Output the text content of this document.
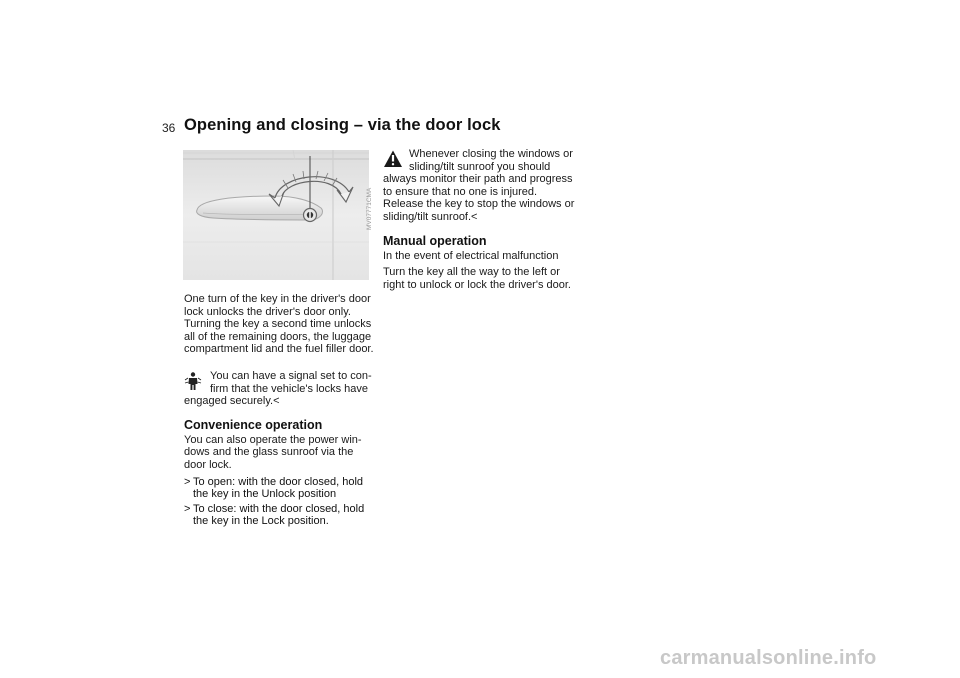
36 Opening and closing – via the door lock
MV07771CMA

One turn of the key in the driver's door lock unlocks the driver's door only. Turning the key a second time unlocks all of the remaining doors, the luggage compartment lid and the fuel filler door.

You can have a signal set to con-

firm that the vehicle's locks have

engaged securely.<

Convenience operation

You can also operate the power win- dows and the glass sunroof via the door lock.

> To open: with the door closed, hold the key in the Unlock position
> To close: with the door closed, hold the key in the Lock position.

Whenever closing the windows or

sliding/tilt sunroof you should

always monitor their path and progress to ensure that no one is injured. Release the key to stop the windows or sliding/tilt sunroof.<

Manual operation

In the event of electrical malfunction

Turn the key all the way to the left or right to unlock or lock the driver's door.

carmanualsonline.info
